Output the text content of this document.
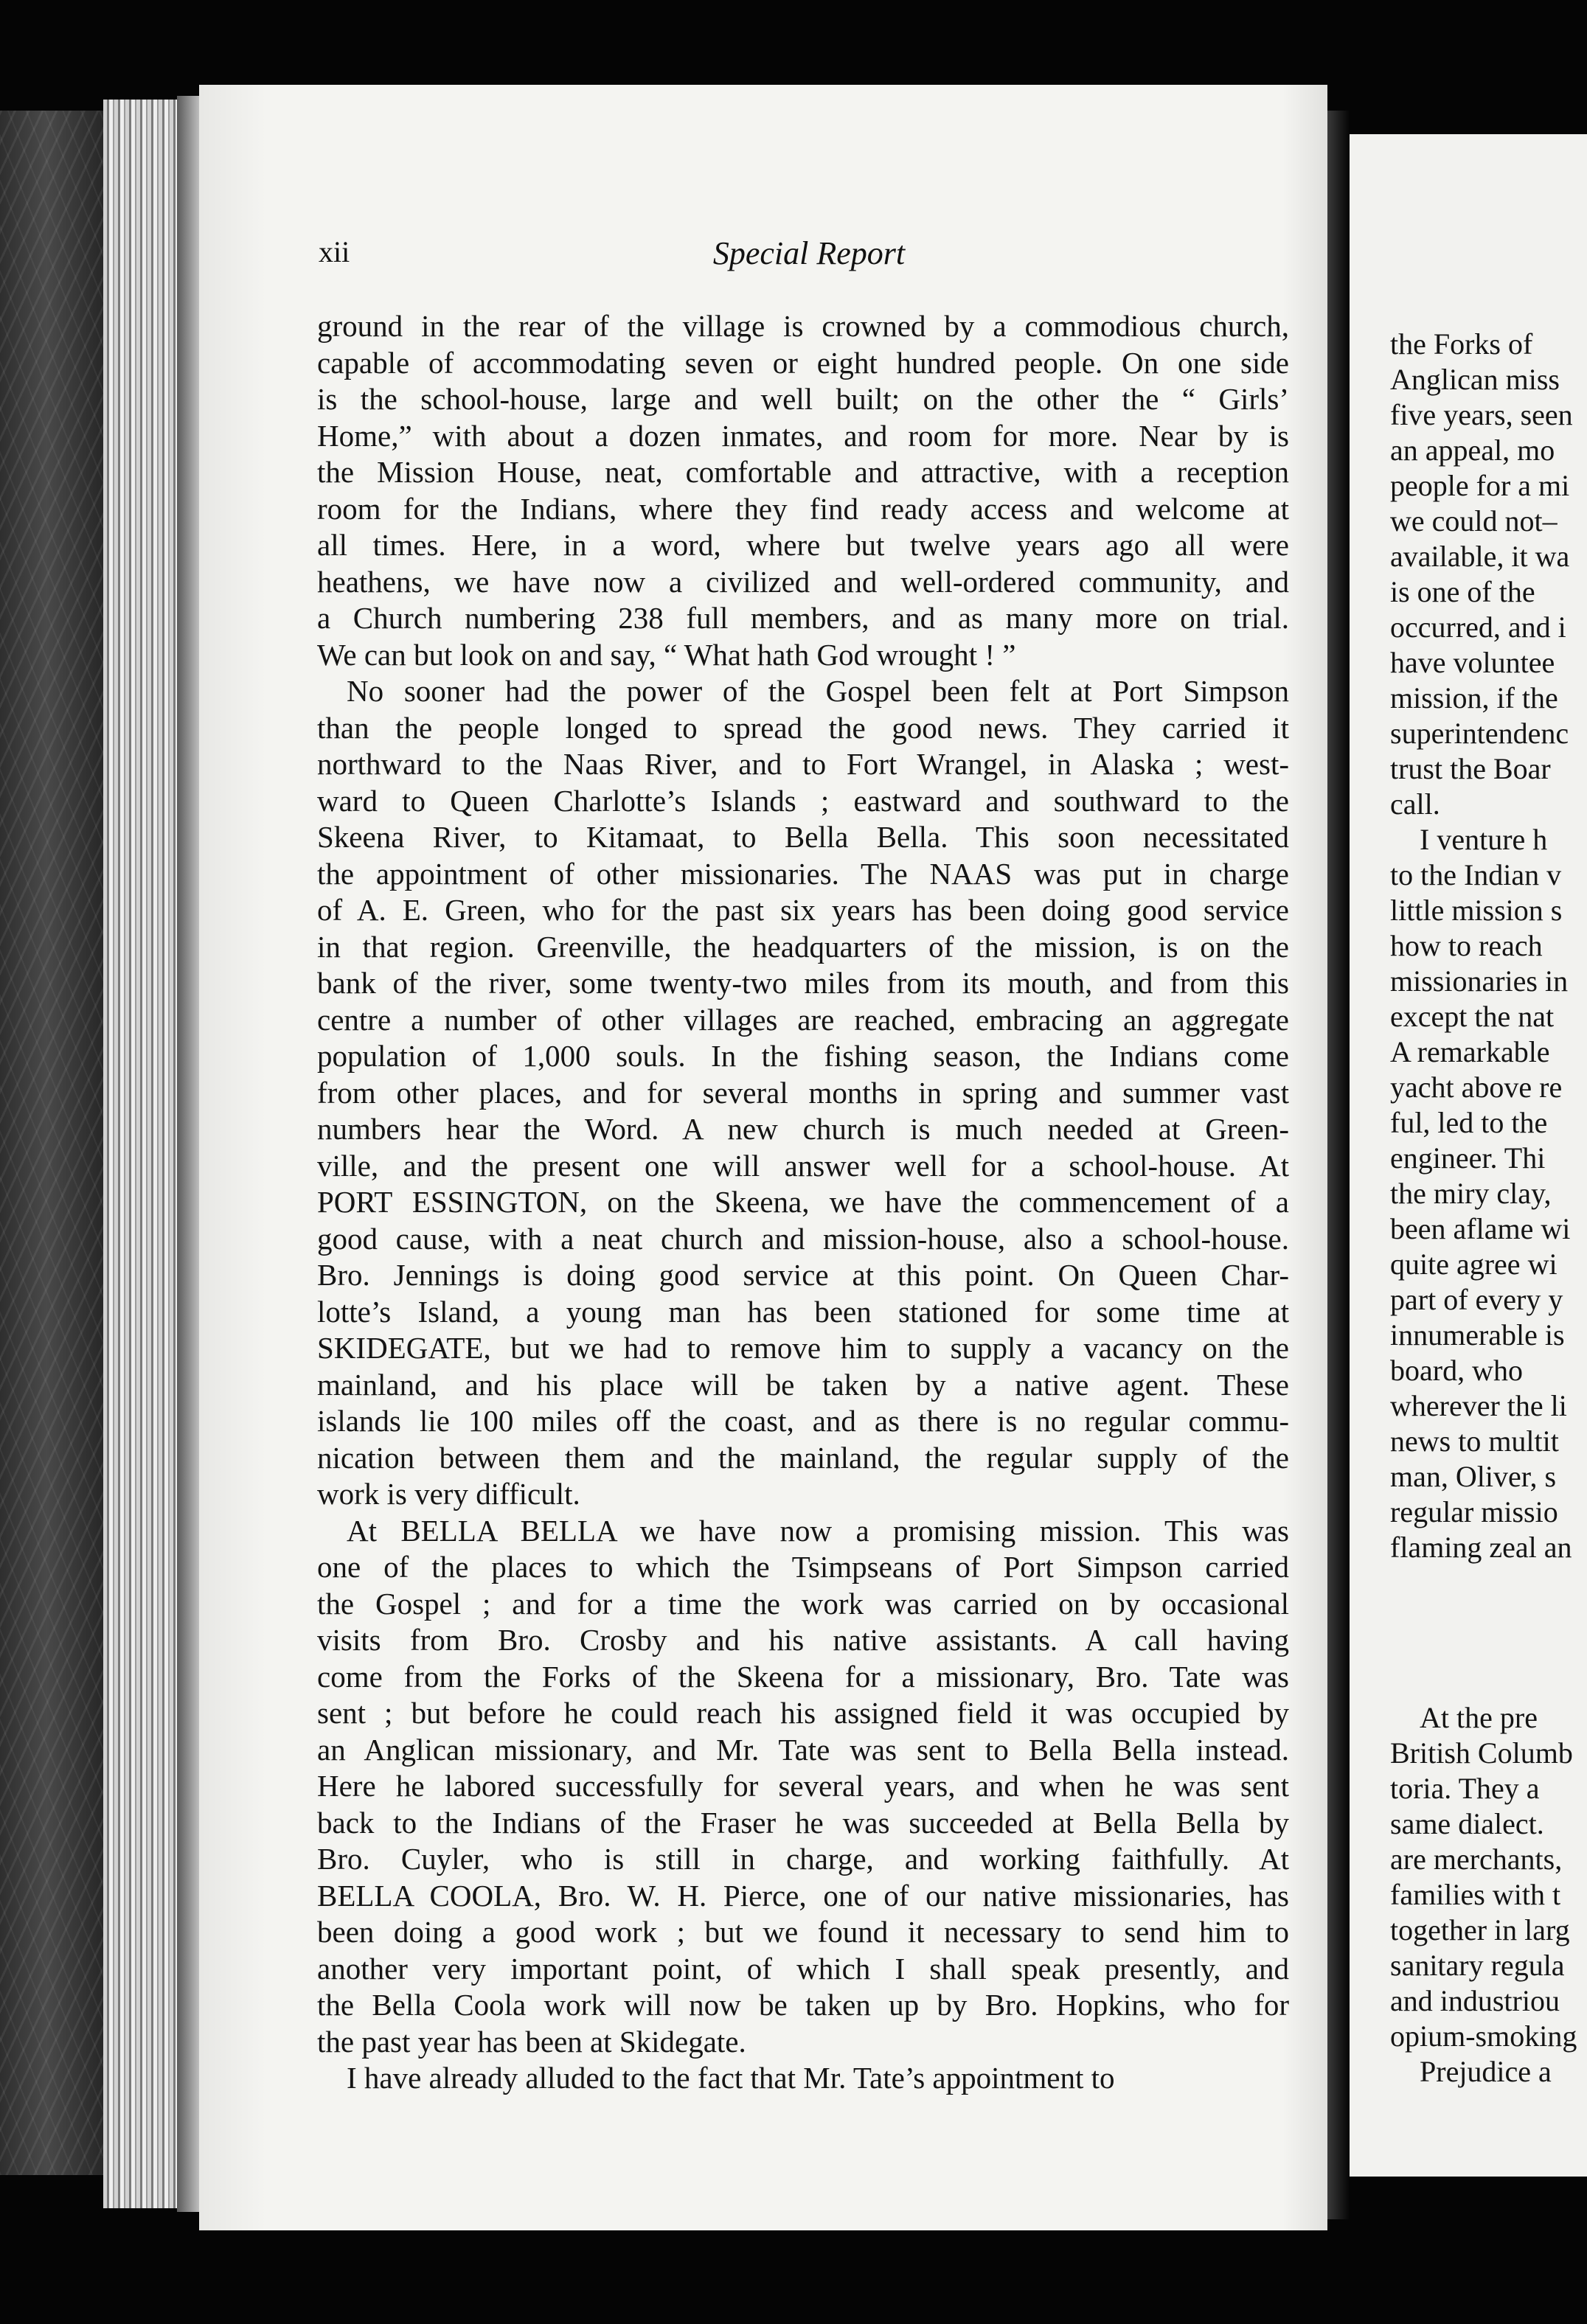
xii	Special Report
ground in the rear of the village is crowned by a commodious church,
capable of accommodating seven or eight hundred people. On one side
is the school-house, large and well built; on the other the “ Girls’
Home,” with about a dozen inmates, and room for more. Near by is
the Mission House, neat, comfortable and attractive, with a reception
room for the Indians, where they find ready access and welcome at
all times. Here, in a word, where but twelve years ago all were
heathens, we have now a civilized and well-ordered community, and
a Church numbering 238 full members, and as many more on trial.
We can but look on and say, “ What hath God wrought ! ”
No sooner had the power of the Gospel been felt at Port Simpson
than the people longed to spread the good news. They carried it
northward to the Naas River, and to Fort Wrangel, in Alaska ; west-
ward to Queen Charlotte’s Islands ; eastward and southward to the
Skeena River, to Kitamaat, to Bella Bella. This soon necessitated
the appointment of other missionaries. The NAAS was put in charge
of A. E. Green, who for the past six years has been doing good service
in that region. Greenville, the headquarters of the mission, is on the
bank of the river, some twenty-two miles from its mouth, and from this
centre a number of other villages are reached, embracing an aggregate
population of 1,000 souls. In the fishing season, the Indians come
from other places, and for several months in spring and summer vast
numbers hear the Word. A new church is much needed at Green-
ville, and the present one will answer well for a school-house. At
PORT ESSINGTON, on the Skeena, we have the commencement of a
good cause, with a neat church and mission-house, also a school-house.
Bro. Jennings is doing good service at this point. On Queen Char-
lotte’s Island, a young man has been stationed for some time at
SKIDEGATE, but we had to remove him to supply a vacancy on the
mainland, and his place will be taken by a native agent. These
islands lie 100 miles off the coast, and as there is no regular commu-
nication between them and the mainland, the regular supply of the
work is very difficult.
At BELLA BELLA we have now a promising mission. This was
one of the places to which the Tsimpseans of Port Simpson carried
the Gospel ; and for a time the work was carried on by occasional
visits from Bro. Crosby and his native assistants. A call having
come from the Forks of the Skeena for a missionary, Bro. Tate was
sent ; but before he could reach his assigned field it was occupied by
an Anglican missionary, and Mr. Tate was sent to Bella Bella instead.
Here he labored successfully for several years, and when he was sent
back to the Indians of the Fraser he was succeeded at Bella Bella by
Bro. Cuyler, who is still in charge, and working faithfully. At
BELLA COOLA, Bro. W. H. Pierce, one of our native missionaries, has
been doing a good work ; but we found it necessary to send him to
another very important point, of which I shall speak presently, and
the Bella Coola work will now be taken up by Bro. Hopkins, who for
the past year has been at Skidegate.
I have already alluded to the fact that Mr. Tate’s appointment to
the Forks of
Anglican miss
five years, seen
an appeal, mo
people for a mi
we could not–
available, it wa
is one of the
occurred, and i
have voluntee
mission, if the
superintendenc
trust the Boar
call.
I venture h
to the Indian v
little mission s
how to reach
missionaries in
except the nat
A remarkable
yacht above re
ful, led to the
engineer. Thi
the miry clay,
been aflame wi
quite agree wi
part of every y
innumerable is
board, who
wherever the li
news to multit
man, Oliver, s
regular missio
flaming zeal an
At the pre
British Columb
toria. They a
same dialect.
are merchants,
families with t
together in larg
sanitary regula
and industriou
opium-smoking
Prejudice a
